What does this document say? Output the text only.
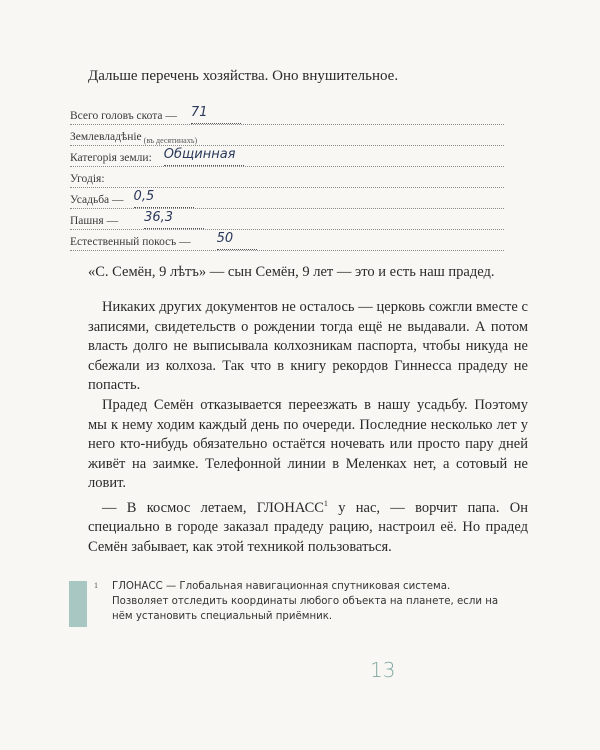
Дальше перечень хозяйства. Оно внушительное.
Всего головъ скота — 71
Землевладѣнiе (въ десятинахъ)
Категорiя земли: Общинная
Угодiя:
Усадьба — 0,5
Пашня — 36,3
Естественный покосъ — 50
«С. Семён, 9 лѣтъ» — сын Семён, 9 лет — это и есть наш прадед.
Никаких других документов не осталось — церковь сожгли вместе с записями, свидетельств о рождении тогда ещё не выдавали. А потом власть долго не выписывала колхозникам паспорта, чтобы никуда не сбежали из колхоза. Так что в книгу рекордов Гиннесса прадеду не попасть.
Прадед Семён отказывается переезжать в нашу усадьбу. Поэтому мы к нему ходим каждый день по очереди. Последние несколько лет у него кто-нибудь обязательно остаётся ночевать или просто пару дней живёт на заимке. Телефонной линии в Меленках нет, а сотовый не ловит.
— В космос летаем, ГЛОНАСС$^1$ у нас, — ворчит папа. Он специально в городе заказал прадеду рацию, настроил её. Но прадед Семён забывает, как этой техникой пользоваться.
1 ГЛОНАСС — Глобальная навигационная спутниковая система. Позволяет отследить координаты любого объекта на планете, если на нём установить специальный приёмник.
13
